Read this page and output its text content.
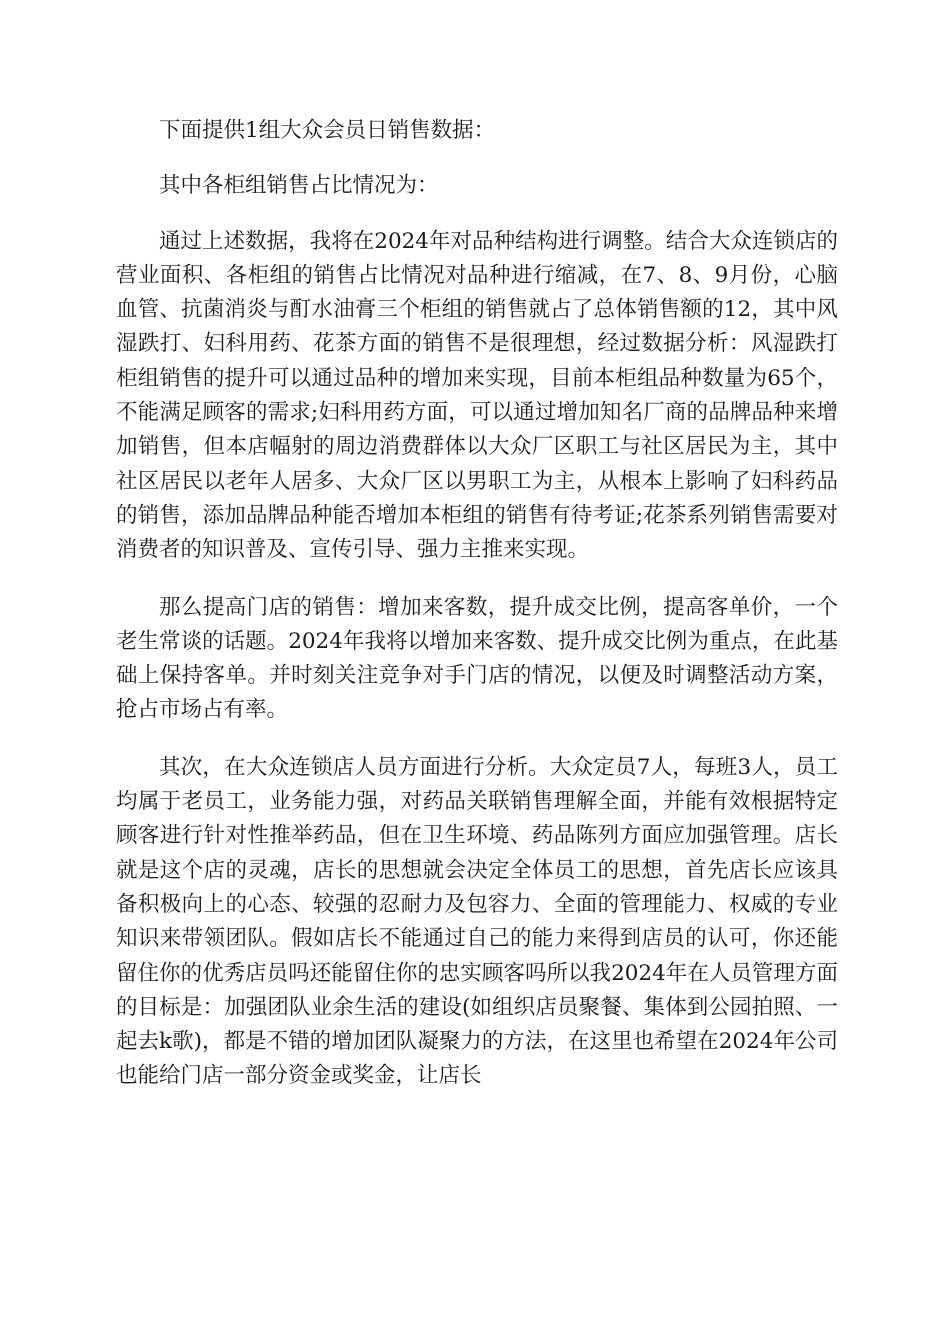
下面提供1组大众会员日销售数据：

其中各柜组销售占比情况为：

通过上述数据，我将在2024年对品种结构进行调整。结合大众连锁店的营业面积、各柜组的销售占比情况对品种进行缩减，在7、8、9月份，心脑血管、抗菌消炎与酊水油膏三个柜组的销售就占了总体销售额的12，其中风湿跌打、妇科用药、花茶方面的销售不是很理想，经过数据分析：风湿跌打柜组销售的提升可以通过品种的增加来实现，目前本柜组品种数量为65个，不能满足顾客的需求;妇科用药方面，可以通过增加知名厂商的品牌品种来增加销售，但本店幅射的周边消费群体以大众厂区职工与社区居民为主，其中社区居民以老年人居多、大众厂区以男职工为主，从根本上影响了妇科药品的销售，添加品牌品种能否增加本柜组的销售有待考证;花茶系列销售需要对消费者的知识普及、宣传引导、强力主推来实现。

那么提高门店的销售：增加来客数，提升成交比例，提高客单价，一个老生常谈的话题。2024年我将以增加来客数、提升成交比例为重点，在此基础上保持客单。并时刻关注竞争对手门店的情况，以便及时调整活动方案，抢占市场占有率。

其次，在大众连锁店人员方面进行分析。大众定员7人，每班3人，员工均属于老员工，业务能力强，对药品关联销售理解全面，并能有效根据特定顾客进行针对性推举药品，但在卫生环境、药品陈列方面应加强管理。店长就是这个店的灵魂，店长的思想就会决定全体员工的思想，首先店长应该具备积极向上的心态、较强的忍耐力及包容力、全面的管理能力、权威的专业知识来带领团队。假如店长不能通过自己的能力来得到店员的认可，你还能留住你的优秀店员吗还能留住你的忠实顾客吗所以我2024年在人员管理方面的目标是：加强团队业余生活的建设(如组织店员聚餐、集体到公园拍照、一起去k歌)，都是不错的增加团队凝聚力的方法，在这里也希望在2024年公司也能给门店一部分资金或奖金，让店长
